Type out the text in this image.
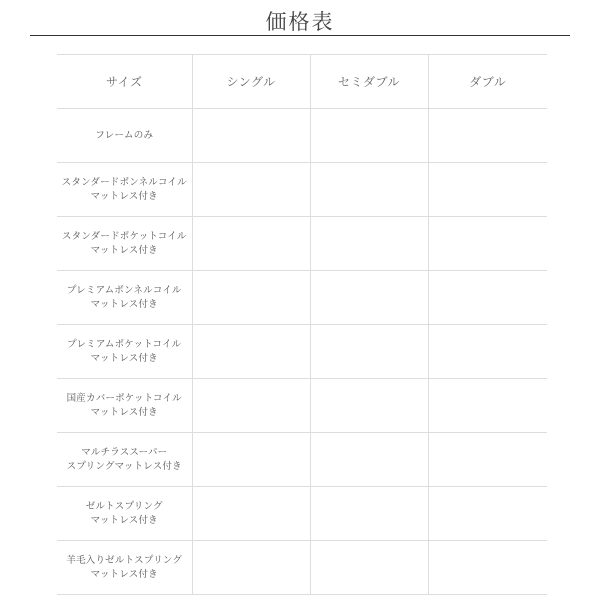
価格表
サイズ	シングル	セミダブル	ダブル

フレームのみ			

スタンダードボンネルコイル
マットレス付き			

スタンダードポケットコイル
マットレス付き			

プレミアムボンネルコイル
マットレス付き			

プレミアムポケットコイル
マットレス付き			

国産カバーポケットコイル
マットレス付き			

マルチラススーパー
スプリングマットレス付き			

ゼルトスプリング
マットレス付き			

羊毛入りゼルトスプリング
マットレス付き			
